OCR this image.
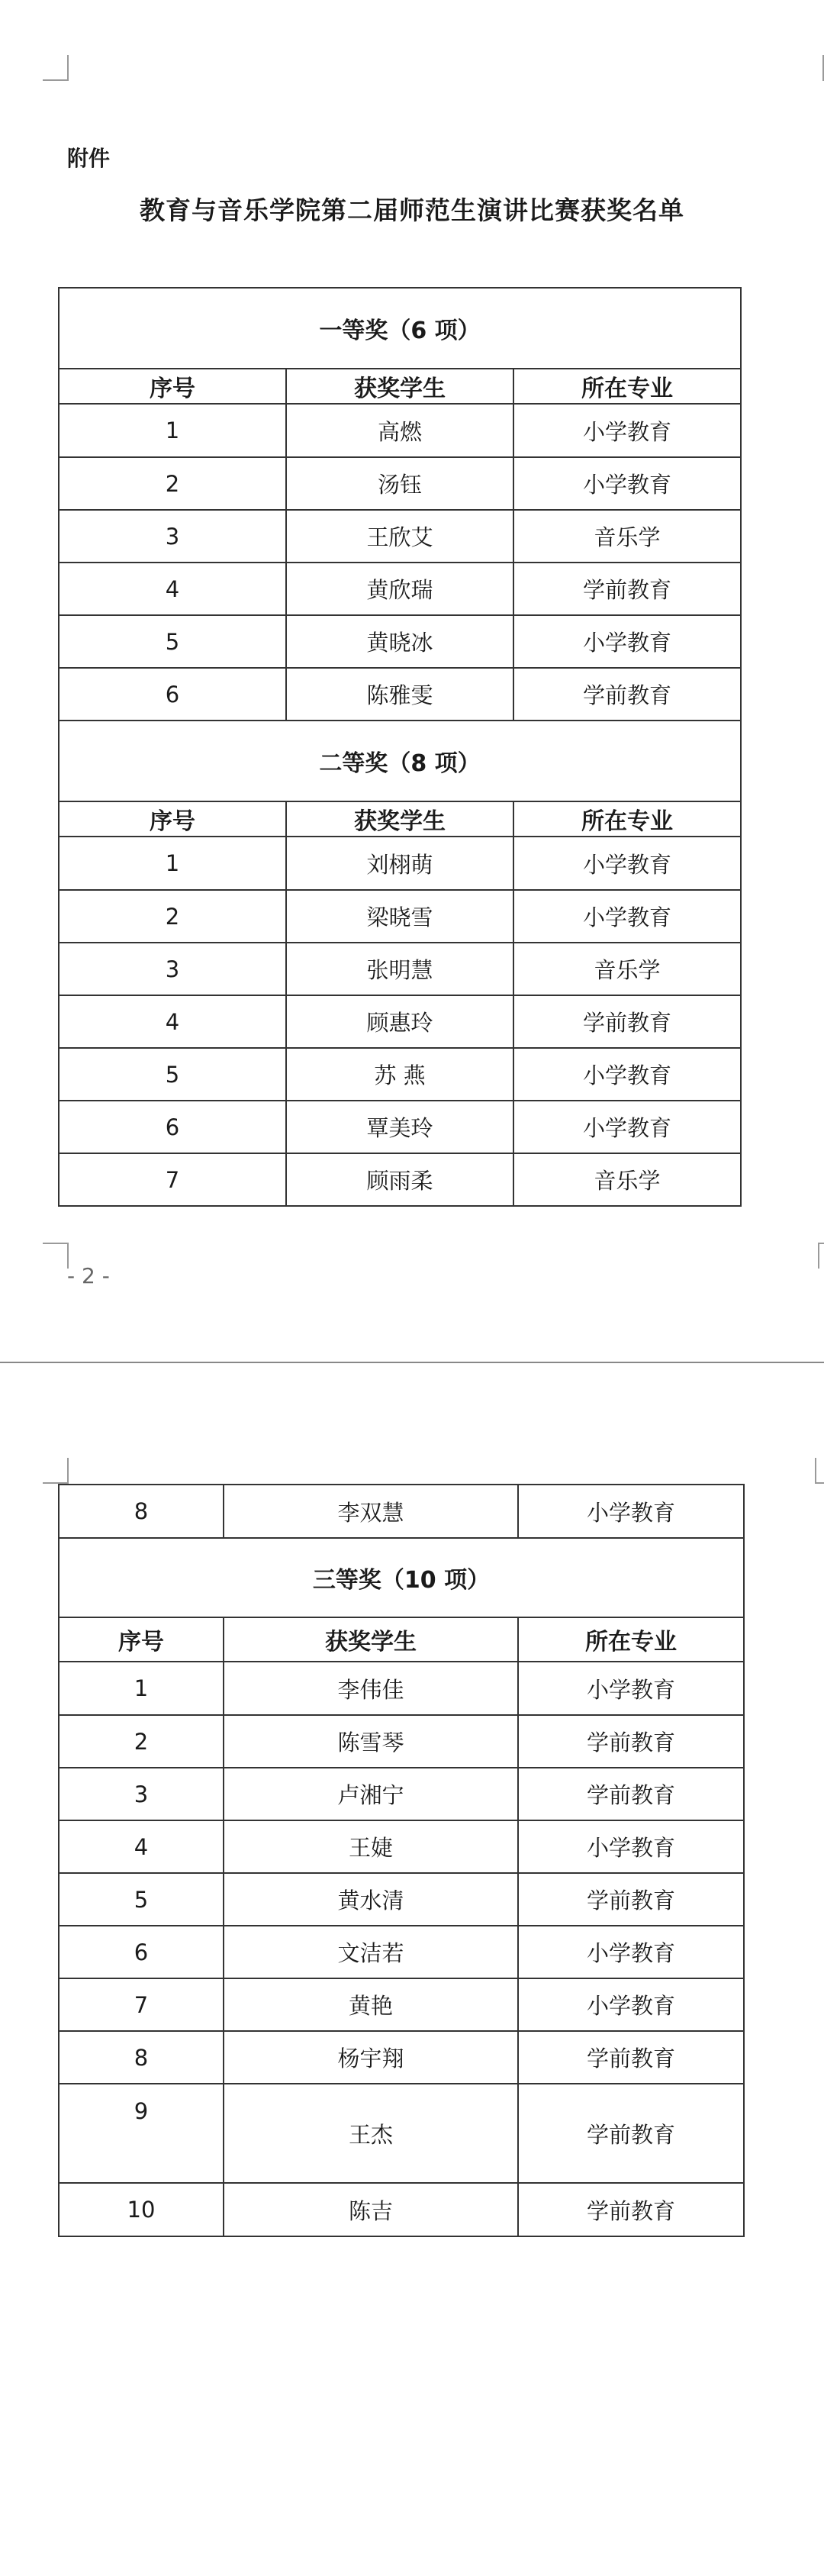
附件
教育与音乐学院第二届师范生演讲比赛获奖名单
一等奖（6 项）		
序号	获奖学生	所在专业
1	高燃	小学教育
2	汤钰	小学教育
3	王欣艾	音乐学
4	黄欣瑞	学前教育
5	黄晓冰	小学教育
6	陈雅雯	学前教育
二等奖（8 项）		
序号	获奖学生	所在专业
1	刘栩萌	小学教育
2	梁晓雪	小学教育
3	张明慧	音乐学
4	顾惠玲	学前教育
5	苏 燕	小学教育
6	覃美玲	小学教育
7	顾雨柔	音乐学
- 2 -
8	李双慧	小学教育
三等奖（10 项）		
序号	获奖学生	所在专业
1	李伟佳	小学教育
2	陈雪琴	学前教育
3	卢湘宁	学前教育
4	王婕	小学教育
5	黄水清	学前教育
6	文洁若	小学教育
7	黄艳	小学教育
8	杨宇翔	学前教育
9	王杰	学前教育
10	陈吉	学前教育
